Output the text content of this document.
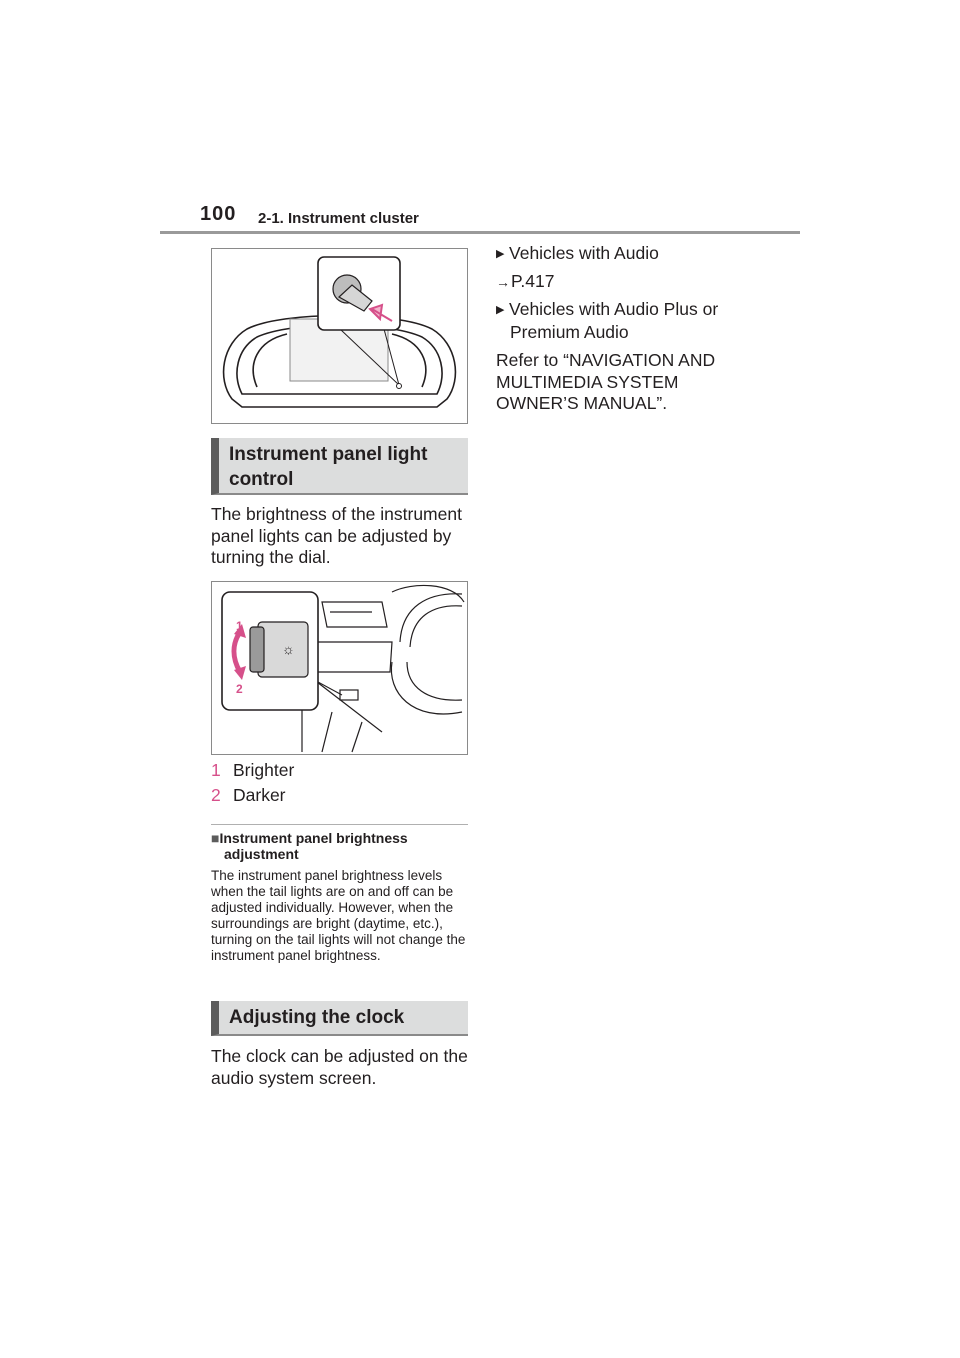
100 2-1. Instrument cluster
Instrument panel light control
The brightness of the instrument panel lights can be adjusted by turning the dial.
☼
1
2
1 Brighter
2 Darker
■Instrument panel brightness
adjustment
The instrument panel brightness levels when the tail lights are on and off can be adjusted individually. However, when the surroundings are bright (daytime, etc.), turning on the tail lights will not change the instrument panel brightness.
Adjusting the clock
The clock can be adjusted on the audio system screen.
▶ Vehicles with Audio
→P.417
▶ Vehicles with Audio Plus or
Premium Audio
Refer to “NAVIGATION AND MULTIMEDIA SYSTEM OWNER’S MANUAL”.
